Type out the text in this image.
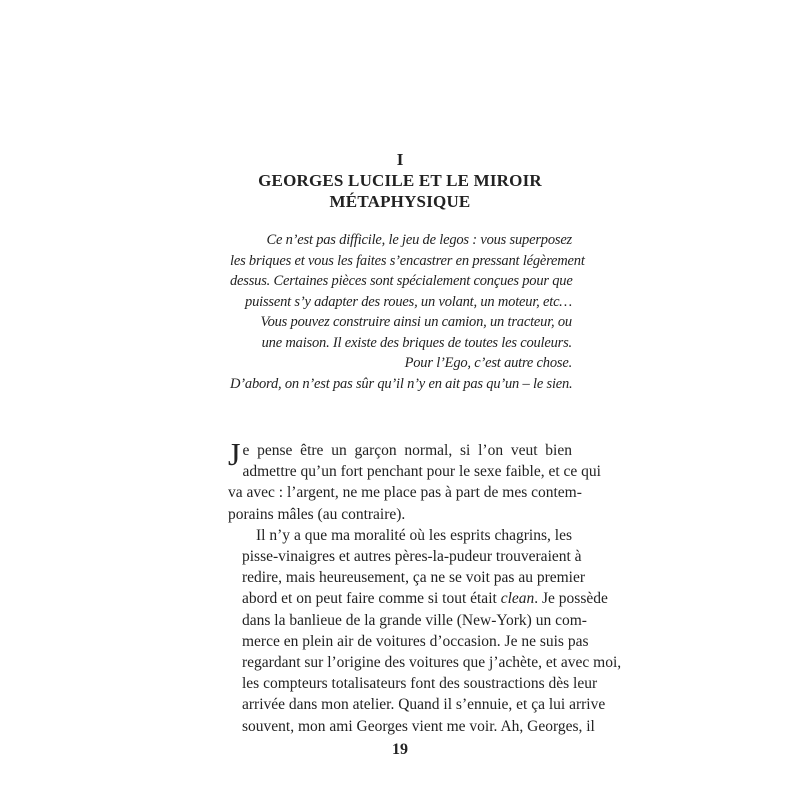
I
GEORGES LUCILE ET LE MIROIR
MÉTAPHYSIQUE
Ce n’est pas difficile, le jeu de legos : vous superposez
les briques et vous les faites s’encastrer en pressant légèrement
dessus. Certaines pièces sont spécialement conçues pour que
puissent s’y adapter des roues, un volant, un moteur, etc…
Vous pouvez construire ainsi un camion, un tracteur, ou
une maison. Il existe des briques de toutes les couleurs.
Pour l’Ego, c’est autre chose.
D’abord, on n’est pas sûr qu’il n’y en ait pas qu’un – le sien.

J e pense être un garçon normal, si l’on veut bien
admettre qu’un fort penchant pour le sexe faible, et ce qui
va avec : l’argent, ne me place pas à part de mes contem-
porains mâles (au contraire).

Il n’y a que ma moralité où les esprits chagrins, les
pisse-vinaigres et autres pères-la-pudeur trouveraient à
redire, mais heureusement, ça ne se voit pas au premier
abord et on peut faire comme si tout était clean. Je possède
dans la banlieue de la grande ville (New-York) un com-
merce en plein air de voitures d’occasion. Je ne suis pas
regardant sur l’origine des voitures que j’achète, et avec moi,
les compteurs totalisateurs font des soustractions dès leur
arrivée dans mon atelier. Quand il s’ennuie, et ça lui arrive
souvent, mon ami Georges vient me voir. Ah, Georges, il

19
